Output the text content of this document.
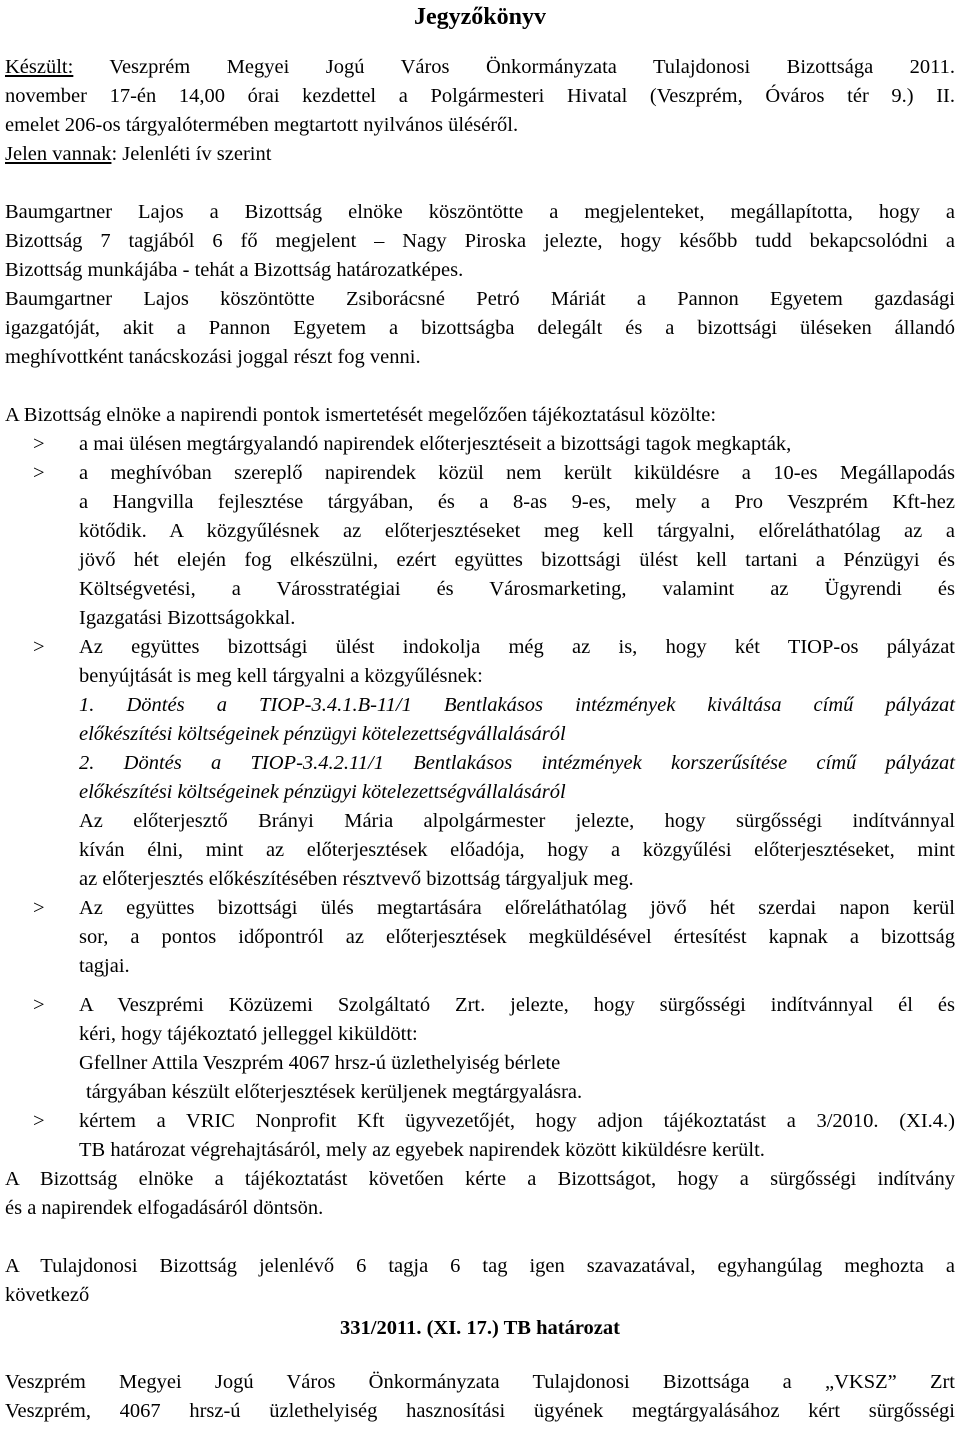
Jegyzőkönyv

Készült: Veszprém Megyei Jogú Város Önkormányzata Tulajdonosi Bizottsága 2011.

november 17-én 14,00 órai kezdettel a Polgármesteri Hivatal (Veszprém, Óváros tér 9.) II.

emelet 206-os tárgyalótermében megtartott nyilvános üléséről.

Jelen vannak: Jelenléti ív szerint

Baumgartner Lajos a Bizottság elnöke köszöntötte a megjelenteket, megállapította, hogy a

Bizottság 7 tagjából 6 fő megjelent – Nagy Piroska jelezte, hogy később tudd bekapcsolódni a

Bizottság munkájába - tehát a Bizottság határozatképes.

Baumgartner Lajos köszöntötte Zsiborácsné Petró Máriát a Pannon Egyetem gazdasági

igazgatóját, akit a Pannon Egyetem a bizottságba delegált és a bizottsági üléseken állandó

meghívottként tanácskozási joggal részt fog venni.

A Bizottság elnöke a napirendi pontok ismertetését megelőzően tájékoztatásul közölte:

> a mai ülésen megtárgyalandó napirendek előterjesztéseit a bizottsági tagok megkapták,

> a meghívóban szereplő napirendek közül nem került kiküldésre a 10-es Megállapodás

a Hangvilla fejlesztése tárgyában, és a 8-as 9-es, mely a Pro Veszprém Kft-hez

kötődik. A közgyűlésnek az előterjesztéseket meg kell tárgyalni, előreláthatólag az a

jövő hét elején fog elkészülni, ezért együttes bizottsági ülést kell tartani a Pénzügyi és

Költségvetési, a Városstratégiai és Városmarketing, valamint az Ügyrendi és

Igazgatási Bizottságokkal.

> Az együttes bizottsági ülést indokolja még az is, hogy két TIOP-os pályázat

benyújtását is meg kell tárgyalni a közgyűlésnek:

1. Döntés a TIOP-3.4.1.B-11/1 Bentlakásos intézmények kiváltása című pályázat

előkészítési költségeinek pénzügyi kötelezettségvállalásáról

2. Döntés a TIOP-3.4.2.11/1 Bentlakásos intézmények korszerűsítése című pályázat

előkészítési költségeinek pénzügyi kötelezettségvállalásáról

Az előterjesztő Brányi Mária alpolgármester jelezte, hogy sürgősségi indítvánnyal

kíván élni, mint az előterjesztések előadója, hogy a közgyűlési előterjesztéseket, mint

az előterjesztés előkészítésében résztvevő bizottság tárgyaljuk meg.

> Az együttes bizottsági ülés megtartására előreláthatólag jövő hét szerdai napon kerül

sor, a pontos időpontról az előterjesztések megküldésével értesítést kapnak a bizottság

tagjai.

> A Veszprémi Közüzemi Szolgáltató Zrt. jelezte, hogy sürgősségi indítvánnyal él és

kéri, hogy tájékoztató jelleggel kiküldött:

Gfellner Attila Veszprém 4067 hrsz-ú üzlethelyiség bérlete

tárgyában készült előterjesztések kerüljenek megtárgyalásra.

> kértem a VRIC Nonprofit Kft ügyvezetőjét, hogy adjon tájékoztatást a 3/2010. (XI.4.)

TB határozat végrehajtásáról, mely az egyebek napirendek között kiküldésre került.

A Bizottság elnöke a tájékoztatást követően kérte a Bizottságot, hogy a sürgősségi indítvány

és a napirendek elfogadásáról döntsön.

A Tulajdonosi Bizottság jelenlévő 6 tagja 6 tag igen szavazatával, egyhangúlag meghozta a

következő

331/2011. (XI. 17.) TB határozat

Veszprém Megyei Jogú Város Önkormányzata Tulajdonosi Bizottsága a „VKSZ” Zrt

Veszprém, 4067 hrsz-ú üzlethelyiség hasznosítási ügyének megtárgyalásához kért sürgősségi
